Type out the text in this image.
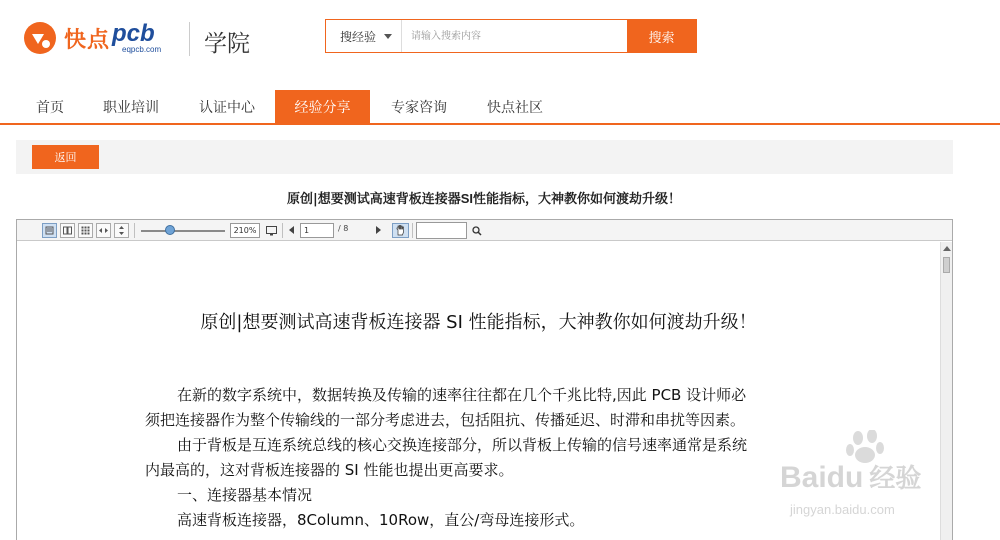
快点 pcb
eqpcb.com 学院	搜经验
请输入搜索内容	搜索
首页	职业培训	认证中心	经验分享	专家咨询	快点社区
返回
原创|想要测试高速背板连接器SI性能指标，大神教你如何渡劫升级！
210%
1	/ 8
原创|想要测试高速背板连接器 SI 性能指标，大神教你如何渡劫升级！
在新的数字系统中，数据转换及传输的速率往往都在几个千兆比特,因此 PCB 设计师必
须把连接器作为整个传输线的一部分考虑进去，包括阻抗、传播延迟、时滞和串扰等因素。
由于背板是互连系统总线的核心交换连接部分，所以背板上传输的信号速率通常是系统
内最高的，这对背板连接器的 SI 性能也提出更高要求。
一、连接器基本情况
高速背板连接器，8Column、10Row，直公/弯母连接形式。
Baidu 经验
jingyan.baidu.com
